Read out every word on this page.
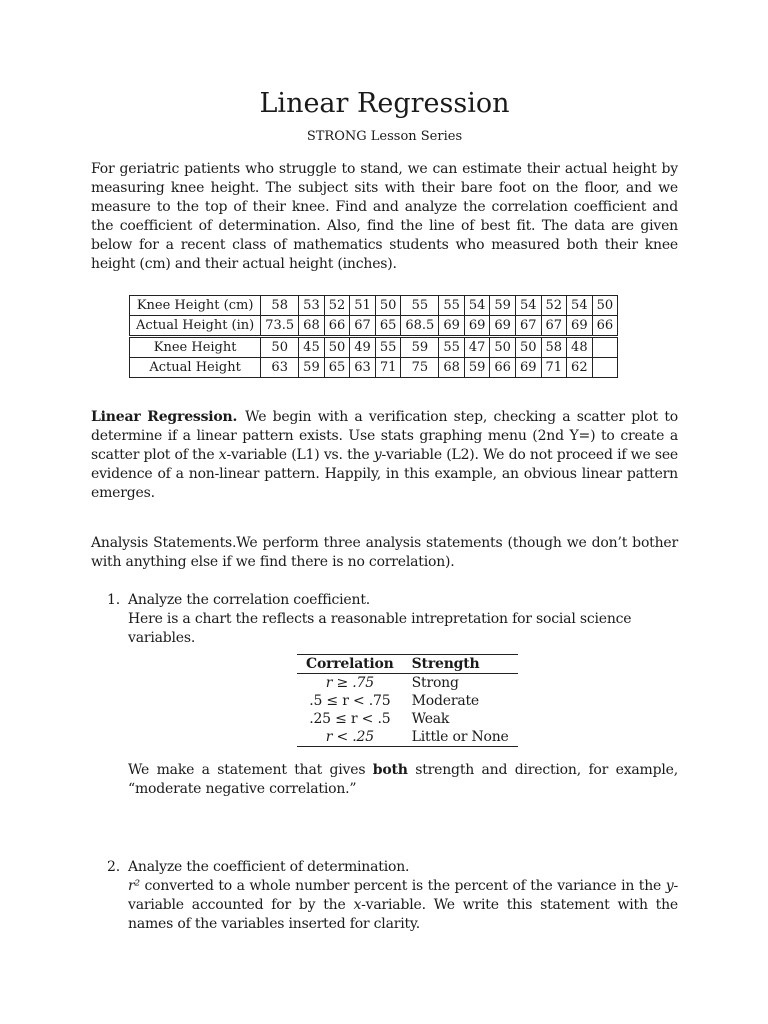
Linear Regression

STRONG Lesson Series

For geriatric patients who struggle to stand, we can estimate their actual height by measuring knee height. The subject sits with their bare foot on the floor, and we measure to the top of their knee. Find and analyze the correlation coefficient and the coefficient of determination. Also, find the line of best fit. The data are given below for a recent class of mathematics students who measured both their knee height (cm) and their actual height (inches).

Knee Height (cm)	58	53	52	51	50	55	55	54	59	54	52	54	50
Actual Height (in)	73.5	68	66	67	65	68.5	69	69	69	67	67	69	66
Knee Height	50	45	50	49	55	59	55	47	50	50	58	48	
Actual Height	63	59	65	63	71	75	68	59	66	69	71	62	

Linear Regression. We begin with a verification step, checking a scatter plot to determine if a linear pattern exists. Use stats graphing menu (2nd Y=) to create a scatter plot of the x-variable (L1) vs. the y-variable (L2). We do not proceed if we see evidence of a non-linear pattern. Happily, in this example, an obvious linear pattern emerges.

Analysis Statements.We perform three analysis statements (though we don’t bother with anything else if we find there is no correlation).

1. Analyze the correlation coefficient.
Here is a chart the reflects a reasonable intrepretation for social science variables.
Correlation	Strength
r ≥ .75	Strong
.5 ≤ r < .75	Moderate
.25 ≤ r < .5	Weak
r < .25	Little or None
We make a statement that gives both strength and direction, for example, “moderate negative correlation.”
2. Analyze the coefficient of determination.
r² converted to a whole number percent is the percent of the variance in the y-variable accounted for by the x-variable. We write this statement with the names of the variables inserted for clarity.
